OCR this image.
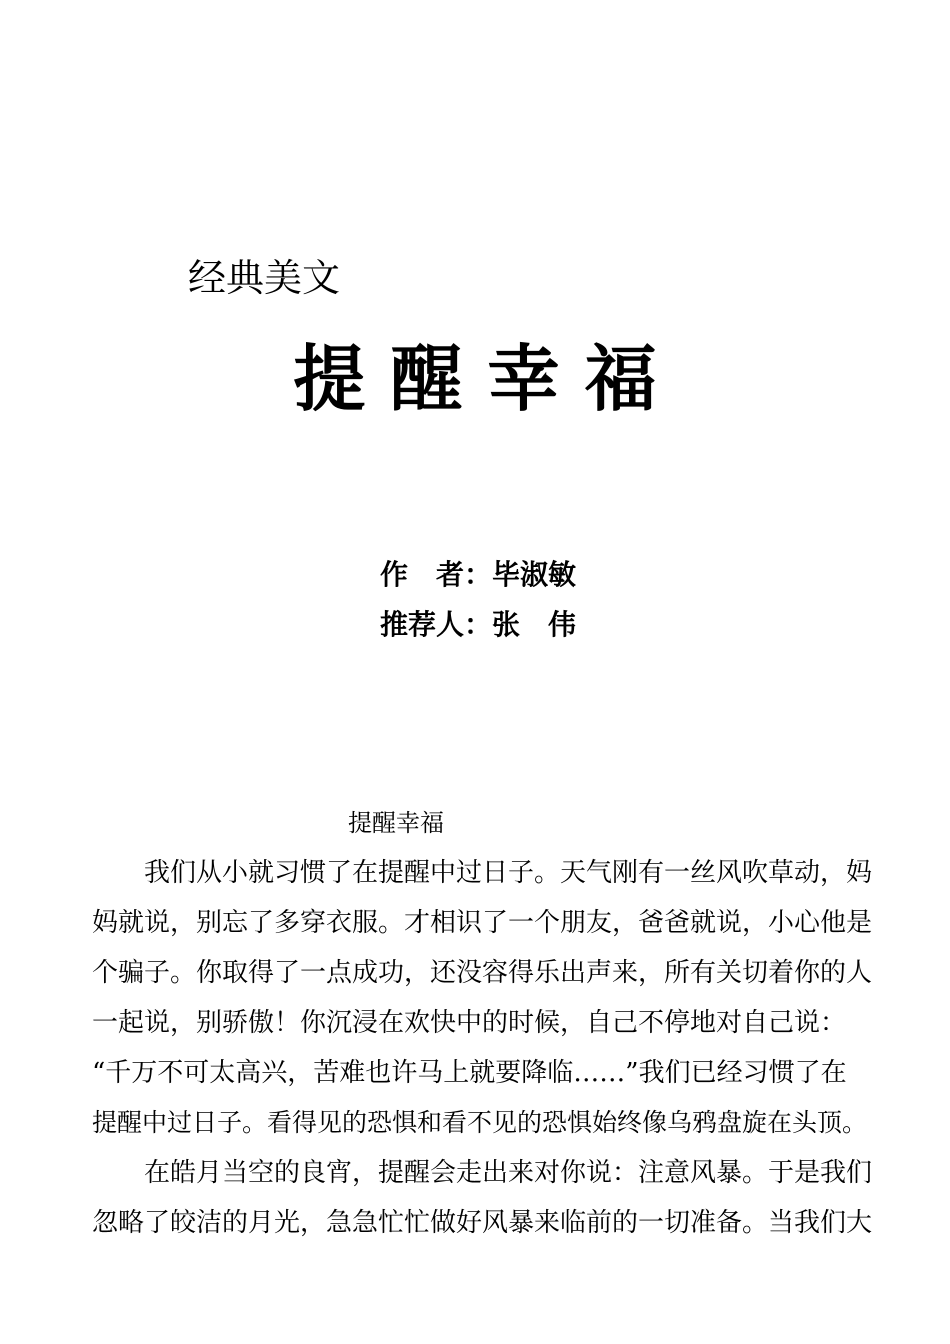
经典美文
提 醒 幸 福
作　者：毕淑敏
推荐人：张　伟
提醒幸福
我们从小就习惯了在提醒中过日子。天气刚有一丝风吹草动，妈
妈就说，别忘了多穿衣服。才相识了一个朋友，爸爸就说，小心他是
个骗子。你取得了一点成功，还没容得乐出声来，所有关切着你的人
一起说，别骄傲！你沉浸在欢快中的时候，自己不停地对自己说：
“千万不可太高兴，苦难也许马上就要降临……”我们已经习惯了在
提醒中过日子。看得见的恐惧和看不见的恐惧始终像乌鸦盘旋在头顶。
在皓月当空的良宵，提醒会走出来对你说：注意风暴。于是我们
忽略了皎洁的月光，急急忙忙做好风暴来临前的一切准备。当我们大
